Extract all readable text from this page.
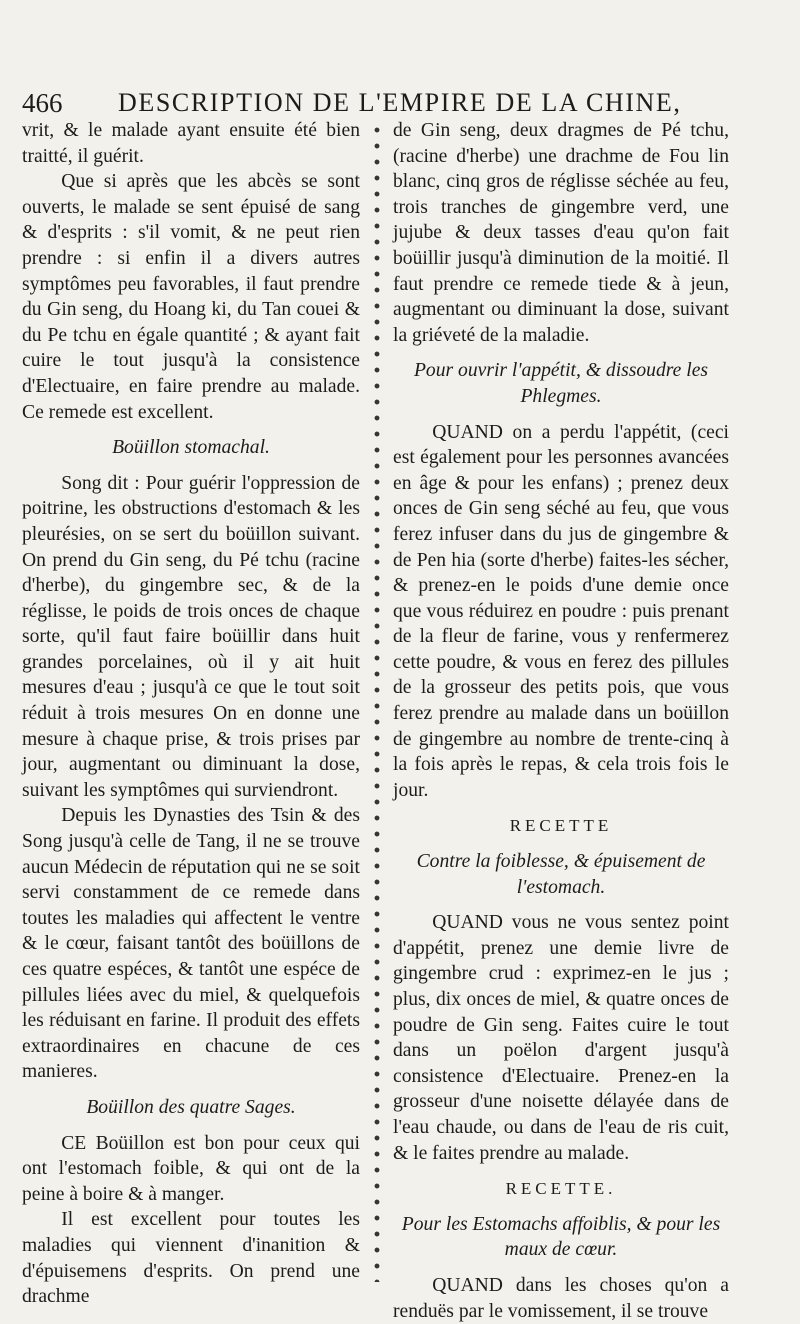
466 DESCRIPTION DE L'EMPIRE DE LA CHINE,

vrit, & le malade ayant ensuite été bien traitté, il guérit.

Que si après que les abcès se sont ouverts, le malade se sent épuisé de sang & d'esprits : s'il vomit, & ne peut rien prendre : si enfin il a divers autres symptômes peu favorables, il faut prendre du Gin seng, du Hoang ki, du Tan couei & du Pe tchu en égale quantité ; & ayant fait cuire le tout jusqu'à la consistence d'Electuaire, en faire prendre au malade. Ce remede est excellent.

Boüillon stomachal.

Song dit : Pour guérir l'oppression de poitrine, les obstructions d'estomach & les pleurésies, on se sert du boüillon suivant. On prend du Gin seng, du Pé tchu (racine d'herbe), du gingembre sec, & de la réglisse, le poids de trois onces de chaque sorte, qu'il faut faire boüillir dans huit grandes porcelaines, où il y ait huit mesures d'eau ; jusqu'à ce que le tout soit réduit à trois mesures On en donne une mesure à chaque prise, & trois prises par jour, augmentant ou diminuant la dose, suivant les symptômes qui surviendront.

Depuis les Dynasties des Tsin & des Song jusqu'à celle de Tang, il ne se trouve aucun Médecin de réputation qui ne se soit servi constamment de ce remede dans toutes les maladies qui affectent le ventre & le cœur, faisant tantôt des boüillons de ces quatre espéces, & tantôt une espéce de pillules liées avec du miel, & quelquefois les réduisant en farine. Il produit des effets extraordinaires en chacune de ces manieres.

Boüillon des quatre Sages.

CE Boüillon est bon pour ceux qui ont l'estomach foible, & qui ont de la peine à boire & à manger.

Il est excellent pour toutes les maladies qui viennent d'inanition & d'épuisemens d'esprits. On prend une drachme

de Gin seng, deux dragmes de Pé tchu, (racine d'herbe) une drachme de Fou lin blanc, cinq gros de réglisse séchée au feu, trois tranches de gingembre verd, une jujube & deux tasses d'eau qu'on fait boüillir jusqu'à diminution de la moitié. Il faut prendre ce remede tiede & à jeun, augmentant ou diminuant la dose, suivant la griéveté de la maladie.

Pour ouvrir l'appétit, & dissoudre les Phlegmes.

QUAND on a perdu l'appétit, (ceci est également pour les personnes avancées en âge & pour les enfans) ; prenez deux onces de Gin seng séché au feu, que vous ferez infuser dans du jus de gingembre & de Pen hia (sorte d'herbe) faites-les sécher, & prenez-en le poids d'une demie once que vous réduirez en poudre : puis prenant de la fleur de farine, vous y renfermerez cette poudre, & vous en ferez des pillules de la grosseur des petits pois, que vous ferez prendre au malade dans un boüillon de gingembre au nombre de trente-cinq à la fois après le repas, & cela trois fois le jour.

RECETTE

Contre la foiblesse, & épuisement de l'estomach.

QUAND vous ne vous sentez point d'appétit, prenez une demie livre de gingembre crud : exprimez-en le jus ; plus, dix onces de miel, & quatre onces de poudre de Gin seng. Faites cuire le tout dans un poëlon d'argent jusqu'à consistence d'Electuaire. Prenez-en la grosseur d'une noisette délayée dans de l'eau chaude, ou dans de l'eau de ris cuit, & le faites prendre au malade.

RECETTE.

Pour les Estomachs affoiblis, & pour les maux de cœur.

QUAND dans les choses qu'on a renduës par le vomissement, il se trouve
